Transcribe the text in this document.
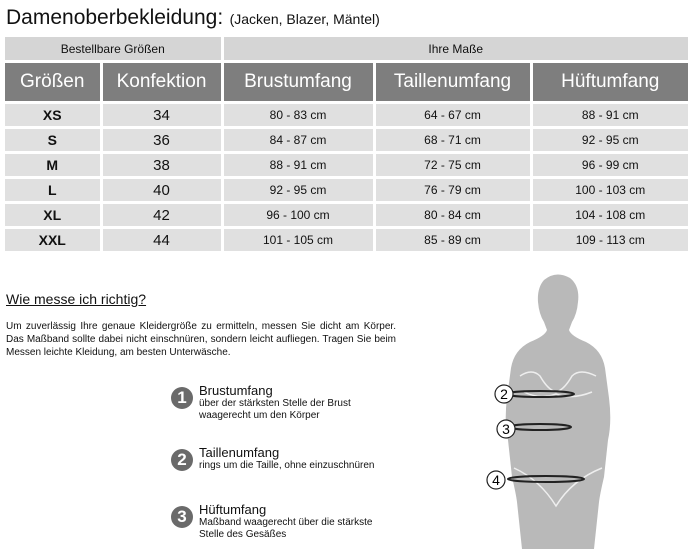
Damenoberbekleidung: (Jacken, Blazer, Mäntel)
Bestellbare Größen		Ihre Maße		
Größen	Konfektion	Brustumfang	Taillenumfang	Hüftumfang
XS	34	80 - 83 cm	64 - 67 cm	88 - 91 cm
S	36	84 - 87 cm	68 - 71 cm	92 - 95 cm
M	38	88 - 91 cm	72 - 75 cm	96 - 99 cm
L	40	92 - 95 cm	76 - 79 cm	100 - 103 cm
XL	42	96 - 100 cm	80 - 84 cm	104 - 108 cm
XXL	44	101 - 105 cm	85 - 89 cm	109 - 113 cm
Wie messe ich richtig?
Um zuverlässig Ihre genaue Kleidergröße zu ermitteln, messen Sie dicht am Körper. Das Maßband sollte dabei nicht einschnüren, sondern leicht aufliegen. Tragen Sie beim Messen leichte Kleidung, am besten Unterwäsche.
1 Brustumfang
über der stärksten Stelle der Brust
waagerecht um den Körper
2 Taillenumfang
rings um die Taille, ohne einzuschnüren
3 Hüftumfang
Maßband waagerecht über die stärkste
Stelle des Gesäßes
2
3
4
